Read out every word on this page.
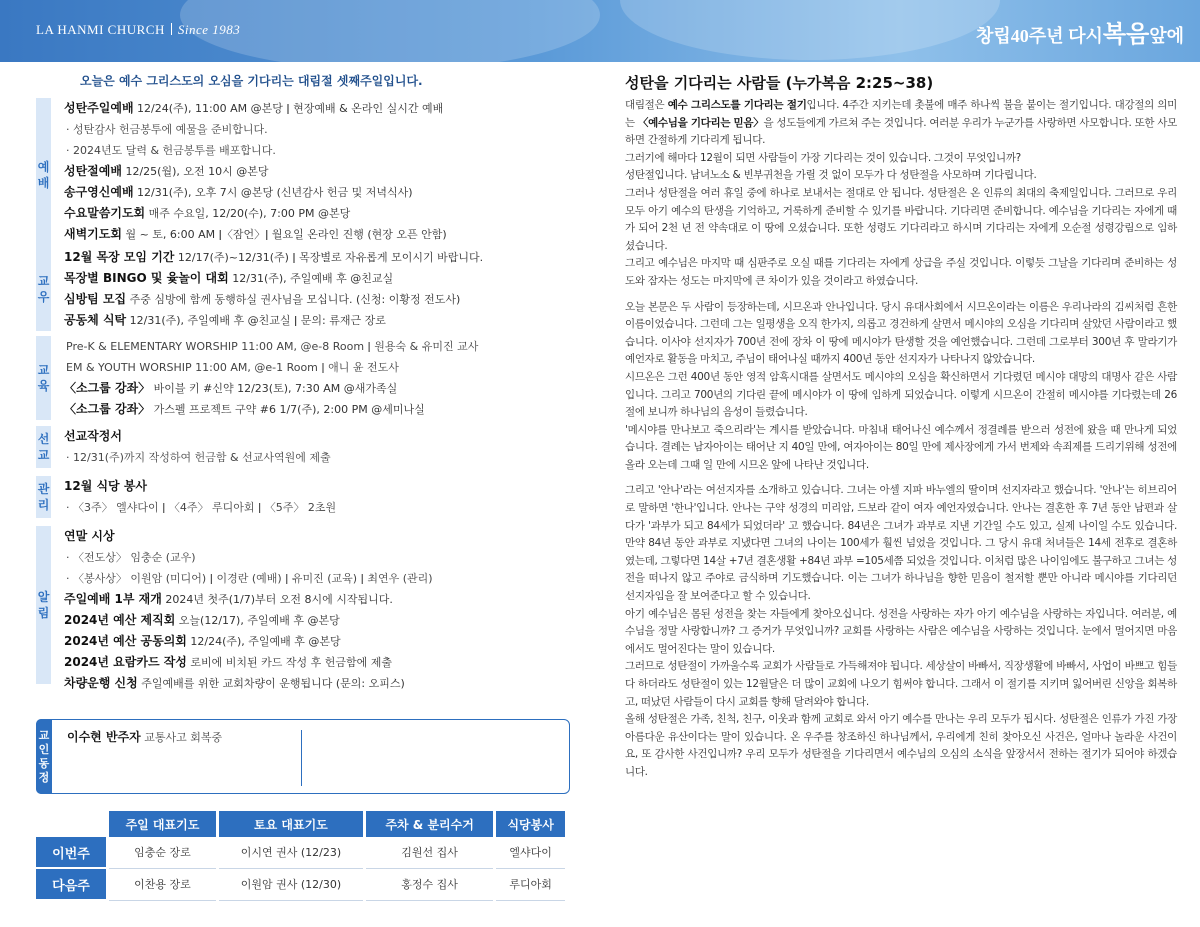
LA HANMI CHURCH Since 1983	창립40주년 다시복음앞에
오늘은 예수 그리스도의 오심을 기다리는 대림절 셋째주일입니다.
예
배
성탄주일예배 12/24(주), 11:00 AM @본당 ǀ 현장예배 & 온라인 실시간 예배
· 성탄감사 헌금봉투에 예물을 준비합니다.
· 2024년도 달력 & 헌금봉투를 배포합니다.
성탄절예배 12/25(월), 오전 10시 @본당
송구영신예배 12/31(주), 오후 7시 @본당 (신년감사 헌금 및 저녁식사)
수요말씀기도회 매주 수요일, 12/20(수), 7:00 PM @본당
새벽기도회 월 ~ 토, 6:00 AM ǀ〈잠언〉ǀ 월요일 온라인 진행 (현장 오픈 안함)
교
우
12월 목장 모임 기간 12/17(주)~12/31(주) ǀ 목장별로 자유롭게 모이시기 바랍니다.
목장별 BINGO 및 윷놀이 대회 12/31(주), 주일예배 후 @친교실
심방팀 모집 주중 심방에 함께 동행하실 권사님을 모십니다. (신청: 이황정 전도사)
공동체 식탁 12/31(주), 주일예배 후 @친교실 ǀ 문의: 류재근 장로
교
육
Pre-K & ELEMENTARY WORSHIP 11:00 AM, @e-8 Room ǀ 원용숙 & 유미진 교사
EM & YOUTH WORSHIP 11:00 AM, @e-1 Room ǀ 애니 윤 전도사
〈소그룹 강좌〉 바이블 키 #신약 12/23(토), 7:30 AM @새가족실
〈소그룹 강좌〉 가스펠 프로젝트 구약 #6 1/7(주), 2:00 PM @세미나실
선
교
선교작정서
· 12/31(주)까지 작성하여 헌금함 & 선교사역원에 제출
관
리
12월 식당 봉사
· 〈3주〉 엘샤다이 ǀ 〈4주〉 루디아회 ǀ 〈5주〉 2초원
알
림
연말 시상
· 〈전도상〉 임충순 (교우)
· 〈봉사상〉 이원암 (미디어) ǀ 이경란 (예배) ǀ 유미진 (교육) ǀ 최연우 (관리)
주일예배 1부 재개 2024년 첫주(1/7)부터 오전 8시에 시작됩니다.
2024년 예산 제직회 오늘(12/17), 주일예배 후 @본당
2024년 예산 공동의회 12/24(주), 주일예배 후 @본당
2024년 요람카드 작성 로비에 비치된 카드 작성 후 헌금함에 제출
차량운행 신청 주일예배를 위한 교회차량이 운행됩니다 (문의: 오피스)
교
인
동
정
이수현 반주자 교통사고 회복중
	주일 대표기도	토요 대표기도	주차 & 분리수거	식당봉사
이번주	임충순 장로	이시연 권사 (12/23)	김원선 집사	엘샤다이
다음주	이찬용 장로	이원암 권사 (12/30)	홍정수 집사	루디아회
성탄을 기다리는 사람들 (누가복음 2:25~38)

대림절은 예수 그리스도를 기다리는 절기입니다. 4주간 지키는데 촛불에 매주 하나씩 불을 붙이는 절기입니다. 대강절의 의미는 〈예수님을 기다리는 믿음〉을 성도들에게 가르쳐 주는 것입니다. 여러분 우리가 누군가를 사랑하면 사모합니다. 또한 사모하면 간절하게 기다리게 됩니다.

그러기에 해마다 12월이 되면 사람들이 가장 기다리는 것이 있습니다. 그것이 무엇입니까?

성탄절입니다. 남녀노소 & 빈부귀천을 가릴 것 없이 모두가 다 성탄절을 사모하며 기다립니다.

그러나 성탄절을 여러 휴일 중에 하나로 보내서는 절대로 안 됩니다. 성탄절은 온 인류의 최대의 축제일입니다. 그러므로 우리모두 아기 예수의 탄생을 기억하고, 거룩하게 준비할 수 있기를 바랍니다. 기다리면 준비합니다. 예수님을 기다리는 자에게 때가 되어 2천 년 전 약속대로 이 땅에 오셨습니다. 또한 성령도 기다리라고 하시며 기다리는 자에게 오순절 성령강림으로 임하셨습니다.

그리고 예수님은 마지막 때 심판주로 오실 때를 기다리는 자에게 상급을 주실 것입니다. 이렇듯 그날을 기다리며 준비하는 성도와 잠자는 성도는 마지막에 큰 차이가 있을 것이라고 하였습니다.

오늘 본문은 두 사람이 등장하는데, 시므온과 안나입니다. 당시 유대사회에서 시므온이라는 이름은 우리나라의 김씨처럼 흔한 이름이었습니다. 그런데 그는 일평생을 오직 한가지, 의롭고 경건하게 살면서 메시야의 오심을 기다리며 살았던 사람이라고 했습니다. 이사야 선지자가 700년 전에 장차 이 땅에 메시야가 탄생할 것을 예언했습니다. 그런데 그로부터 300년 후 말라기가 예언자로 활동을 마치고, 주님이 태어나실 때까지 400년 동안 선지자가 나타나지 않았습니다.

시므온은 그런 400년 동안 영적 암흑시대를 살면서도 메시야의 오심을 확신하면서 기다렸던 메시야 대망의 대명사 같은 사람입니다. 그리고 700년의 기다린 끝에 메시야가 이 땅에 임하게 되었습니다. 이렇게 시므온이 간절히 메시야를 기다렸는데 26절에 보니까 하나님의 음성이 들렸습니다.

'메시야를 만나보고 죽으리라'는 계시를 받았습니다. 마침내 태어나신 예수께서 정결례를 받으러 성전에 왔을 때 만나게 되었습니다. 결례는 남자아이는 태어난 지 40일 만에, 여자아이는 80일 만에 제사장에게 가서 번제와 속죄제를 드리기위해 성전에 올라 오는데 그때 일 만에 시므온 앞에 나타난 것입니다.

그리고 '안나'라는 여선지자를 소개하고 있습니다. 그녀는 아셀 지파 바누엘의 딸이며 선지자라고 했습니다. '안나'는 히브리어로 말하면 '한나'입니다. 안나는 구약 성경의 미리암, 드보라 같이 여자 예언자였습니다. 안나는 결혼한 후 7년 동안 남편과 살다가 '과부가 되고 84세가 되었더라' 고 했습니다. 84년은 그녀가 과부로 지낸 기간일 수도 있고, 실제 나이일 수도 있습니다. 만약 84년 동안 과부로 지냈다면 그녀의 나이는 100세가 훨씬 넘었을 것입니다. 그 당시 유대 처녀들은 14세 전후로 결혼하였는데, 그렇다면 14살 +7년 결혼생활 +84년 과부 =105세쯤 되었을 것입니다. 이처럼 많은 나이임에도 불구하고 그녀는 성전을 떠나지 않고 주야로 금식하며 기도했습니다. 이는 그녀가 하나님을 향한 믿음이 철저할 뿐만 아니라 메시야를 기다리던 선지자임을 잘 보여준다고 할 수 있습니다.

아기 예수님은 몸된 성전을 찾는 자들에게 찾아오십니다. 성전을 사랑하는 자가 아기 예수님을 사랑하는 자입니다. 여러분, 예수님을 정말 사랑합니까? 그 증거가 무엇입니까? 교회를 사랑하는 사람은 예수님을 사랑하는 것입니다. 눈에서 멀어지면 마음에서도 멀어진다는 말이 있습니다.

그러므로 성탄절이 가까울수록 교회가 사람들로 가득해져야 됩니다. 세상살이 바빠서, 직장생활에 바빠서, 사업이 바쁘고 힘들다 하더라도 성탄절이 있는 12월달은 더 많이 교회에 나오기 힘써야 합니다. 그래서 이 절기를 지키며 잃어버린 신앙을 회복하고, 떠났던 사람들이 다시 교회를 향해 달려와야 합니다.

올해 성탄절은 가족, 친척, 친구, 이웃과 함께 교회로 와서 아기 예수를 만나는 우리 모두가 됩시다. 성탄절은 인류가 가진 가장 아름다운 유산이다는 말이 있습니다. 온 우주를 창조하신 하나님께서, 우리에게 친히 찾아오신 사건은, 얼마나 놀라운 사건이요, 또 감사한 사건입니까? 우리 모두가 성탄절을 기다리면서 예수님의 오심의 소식을 앞장서서 전하는 절기가 되어야 하겠습니다.
